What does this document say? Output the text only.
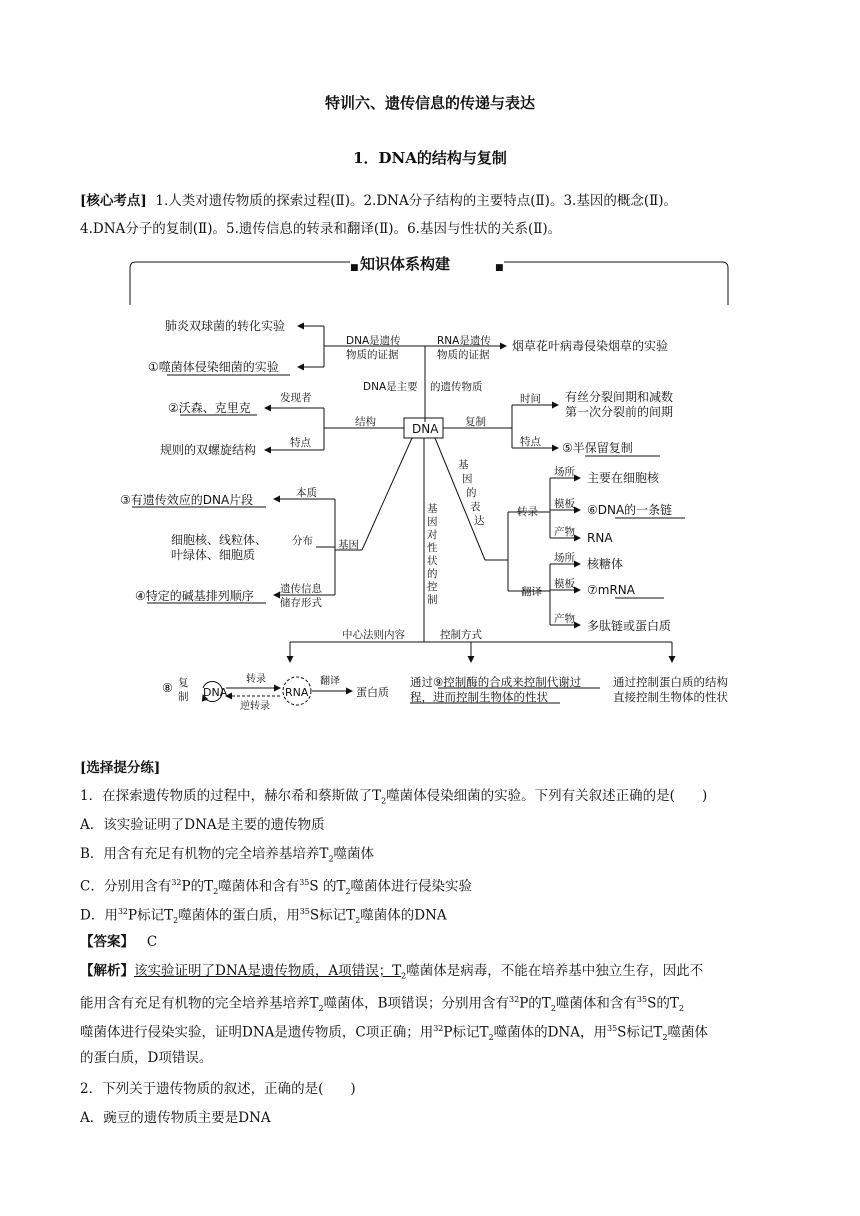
特训六、遗传信息的传递与表达
1．DNA的结构与复制
[核心考点] 1.人类对遗传物质的探索过程(Ⅱ)。2.DNA分子结构的主要特点(Ⅱ)。3.基因的概念(Ⅱ)。
4.DNA分子的复制(Ⅱ)。5.遗传信息的转录和翻译(Ⅱ)。6.基因与性状的关系(Ⅱ)。
知识体系构建
■	■
DNA
肺炎双球菌的转化实验
①噬菌体侵染细菌的实验
DNA是遗传
物质的证据
RNA是遗传
物质的证据
烟草花叶病毒侵染烟草的实验
DNA是主要 的遗传物质
发现者
②沃森、克里克
特点
规则的双螺旋结构
结构	复制
时间 有丝分裂间期和减数
第一次分裂前的间期
特点 ⑤半保留复制
本质
③有遗传效应的DNA片段
分布
细胞核、线粒体、
叶绿体、细胞质
基因
遗传信息
储存形式
④特定的碱基排列顺序
基
因
的
表
达
转录
翻译
场所 主要在细胞核
模板 ⑥DNA的一条链
产物 RNA
场所 核糖体
模板 ⑦mRNA
产物 多肽链或蛋白质
基
因
对
性
状
的
控
制
中心法则内容	控制方式
⑧ 复
制 DNA
转录
逆转录
RNA
翻译
蛋白质
通过⑨控制酶的合成来控制代谢过
程，进而控制生物体的性状
通过控制蛋白质的结构
直接控制生物体的性状
[选择提分练]
1．在探索遗传物质的过程中，赫尔希和蔡斯做了$T_2$噬菌体侵染细菌的实验。下列有关叙述正确的是(　　)
A．该实验证明了DNA是主要的遗传物质
B．用含有充足有机物的完全培养基培养$T_2$噬菌体
C．分别用含有$^{32}$P的$T_2$噬菌体和含有$^{35}$S 的$T_2$噬菌体进行侵染实验
D．用$^{32}$P标记$T_2$噬菌体的蛋白质，用$^{35}$S标记$T_2$噬菌体的DNA
【答案】 C
【解析】该实验证明了DNA是遗传物质，A项错误；$T_2$噬菌体是病毒，不能在培养基中独立生存，因此不
能用含有充足有机物的完全培养基培养$T_2$噬菌体，B项错误；分别用含有$^{32}$P的$T_2$噬菌体和含有$^{35}$S的$T_2$
噬菌体进行侵染实验，证明DNA是遗传物质，C项正确；用$^{32}$P标记$T_2$噬菌体的DNA，用$^{35}$S标记$T_2$噬菌体
的蛋白质，D项错误。
2．下列关于遗传物质的叙述，正确的是(　　)
A．豌豆的遗传物质主要是DNA
